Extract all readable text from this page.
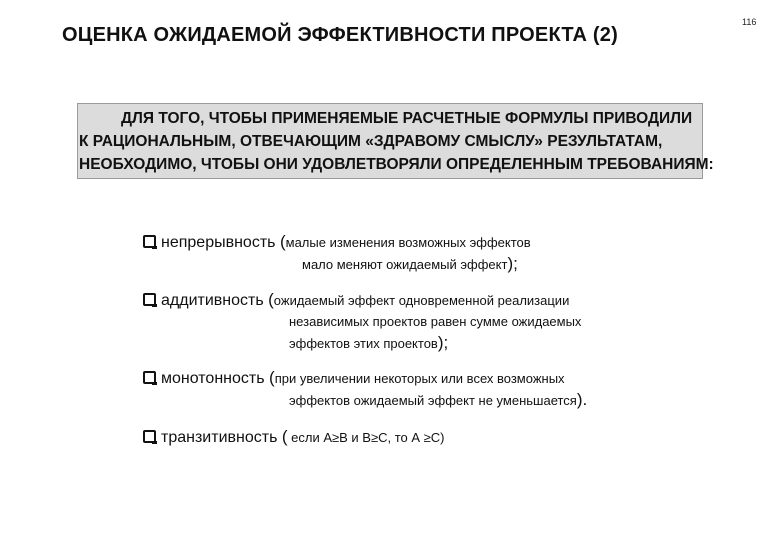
ОЦЕНКА ОЖИДАЕМОЙ ЭФФЕКТИВНОСТИ ПРОЕКТА (2)
116
ДЛЯ ТОГО, ЧТОБЫ ПРИМЕНЯЕМЫЕ РАСЧЕТНЫЕ ФОРМУЛЫ ПРИВОДИЛИ
К РАЦИОНАЛЬНЫМ, ОТВЕЧАЮЩИМ «ЗДРАВОМУ СМЫСЛУ» РЕЗУЛЬТАТАМ,
НЕОБХОДИМО, ЧТОБЫ ОНИ УДОВЛЕТВОРЯЛИ ОПРЕДЕЛЕННЫМ ТРЕБОВАНИЯМ:
непрерывность (малые изменения возможных эффектов
мало меняют ожидаемый эффект);
аддитивность (ожидаемый эффект одновременной реализации
независимых проектов равен сумме ожидаемых
эффектов этих проектов);
монотонность (при увеличении некоторых или всех возможных
эффектов ожидаемый эффект не уменьшается).
транзитивность ( если А≥В и В≥С, то А ≥С)
